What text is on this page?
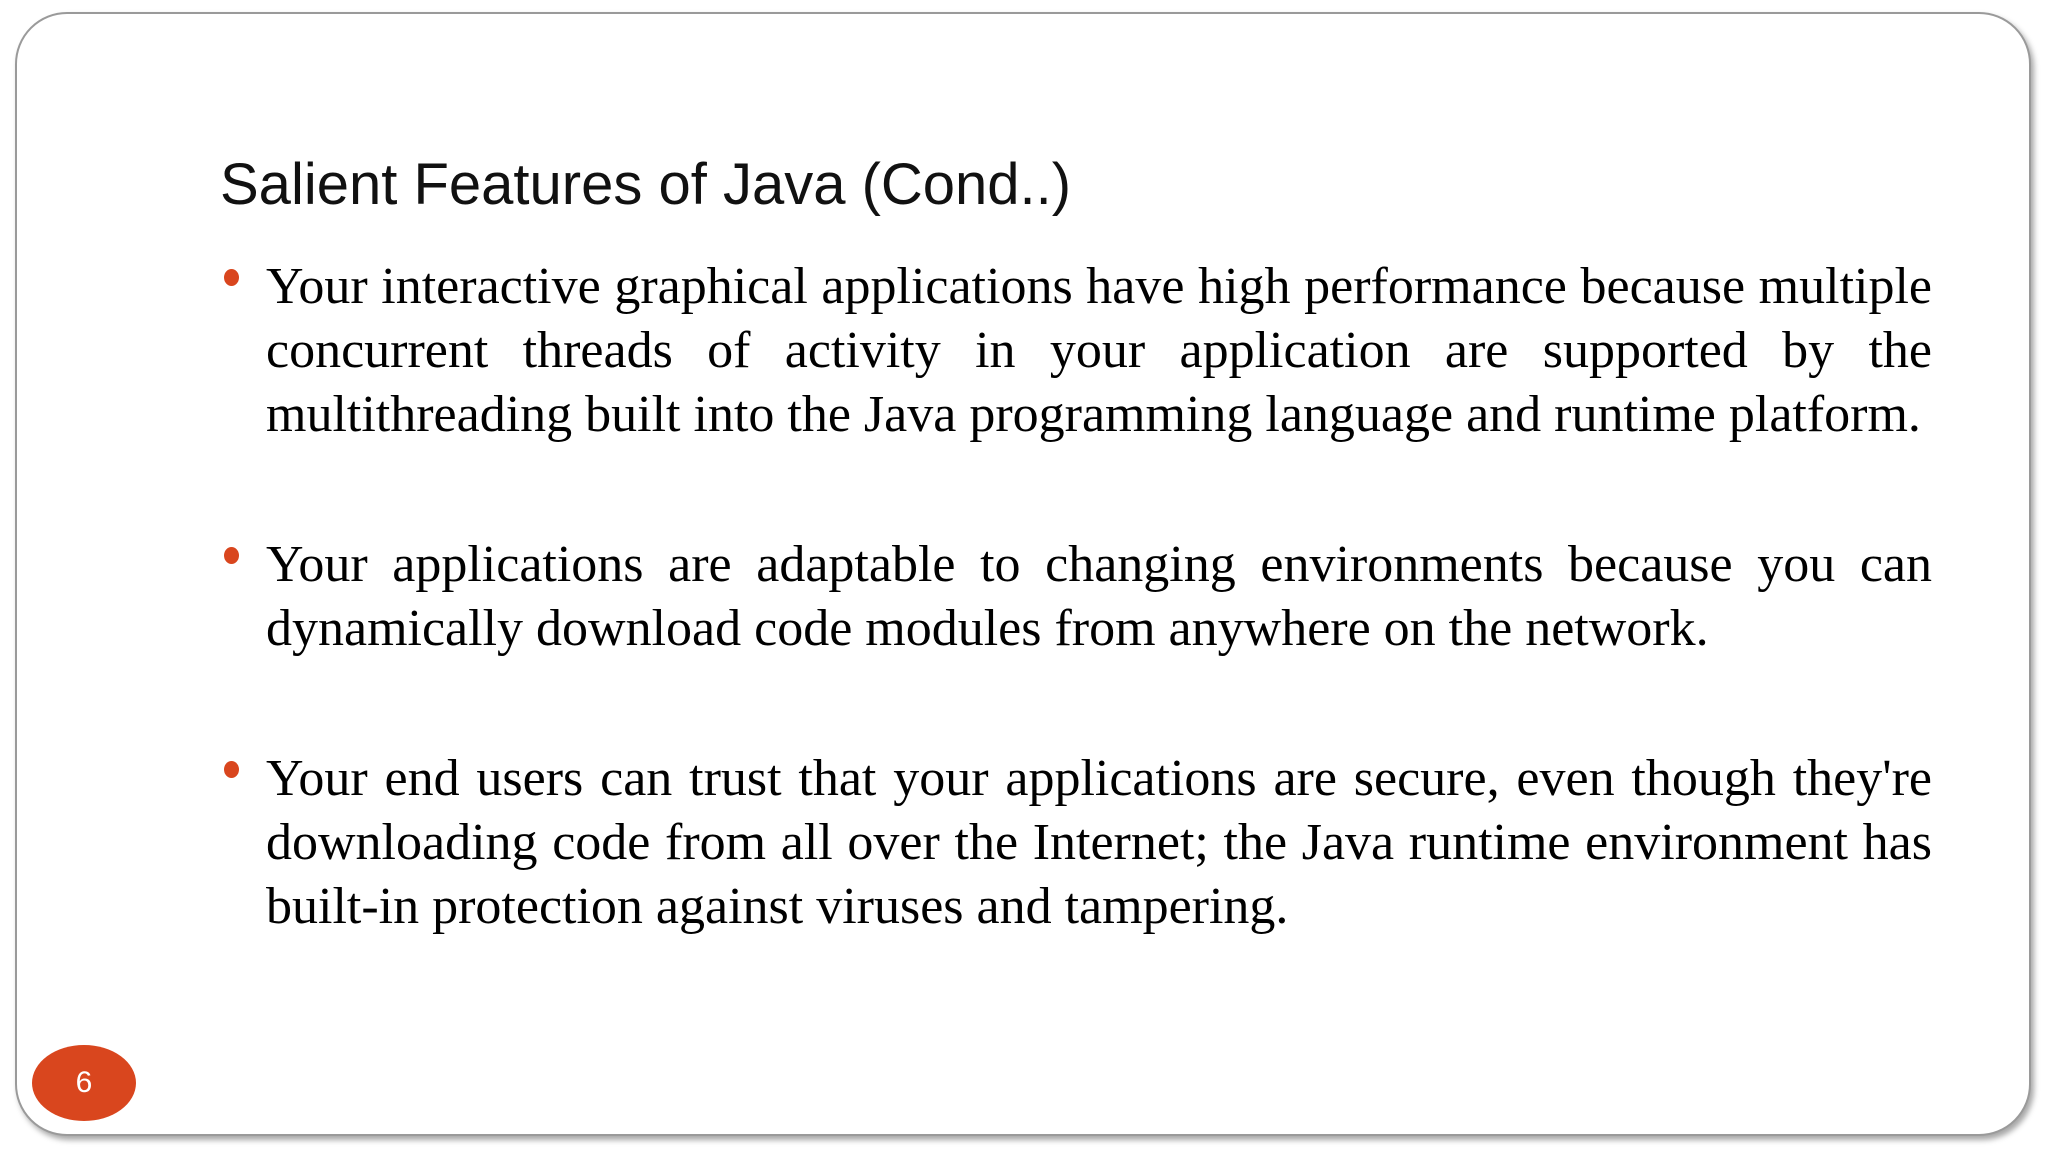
Salient Features of Java (Cond..)
Your interactive graphical applications have high performance because multiple concurrent threads of activity in your application are supported by the multithreading built into the Java programming language and runtime platform.
Your applications are adaptable to changing environments because you can dynamically download code modules from anywhere on the network.
Your end users can trust that your applications are secure, even though they're downloading code from all over the Internet; the Java runtime environment has built-in protection against viruses and tampering.
6
